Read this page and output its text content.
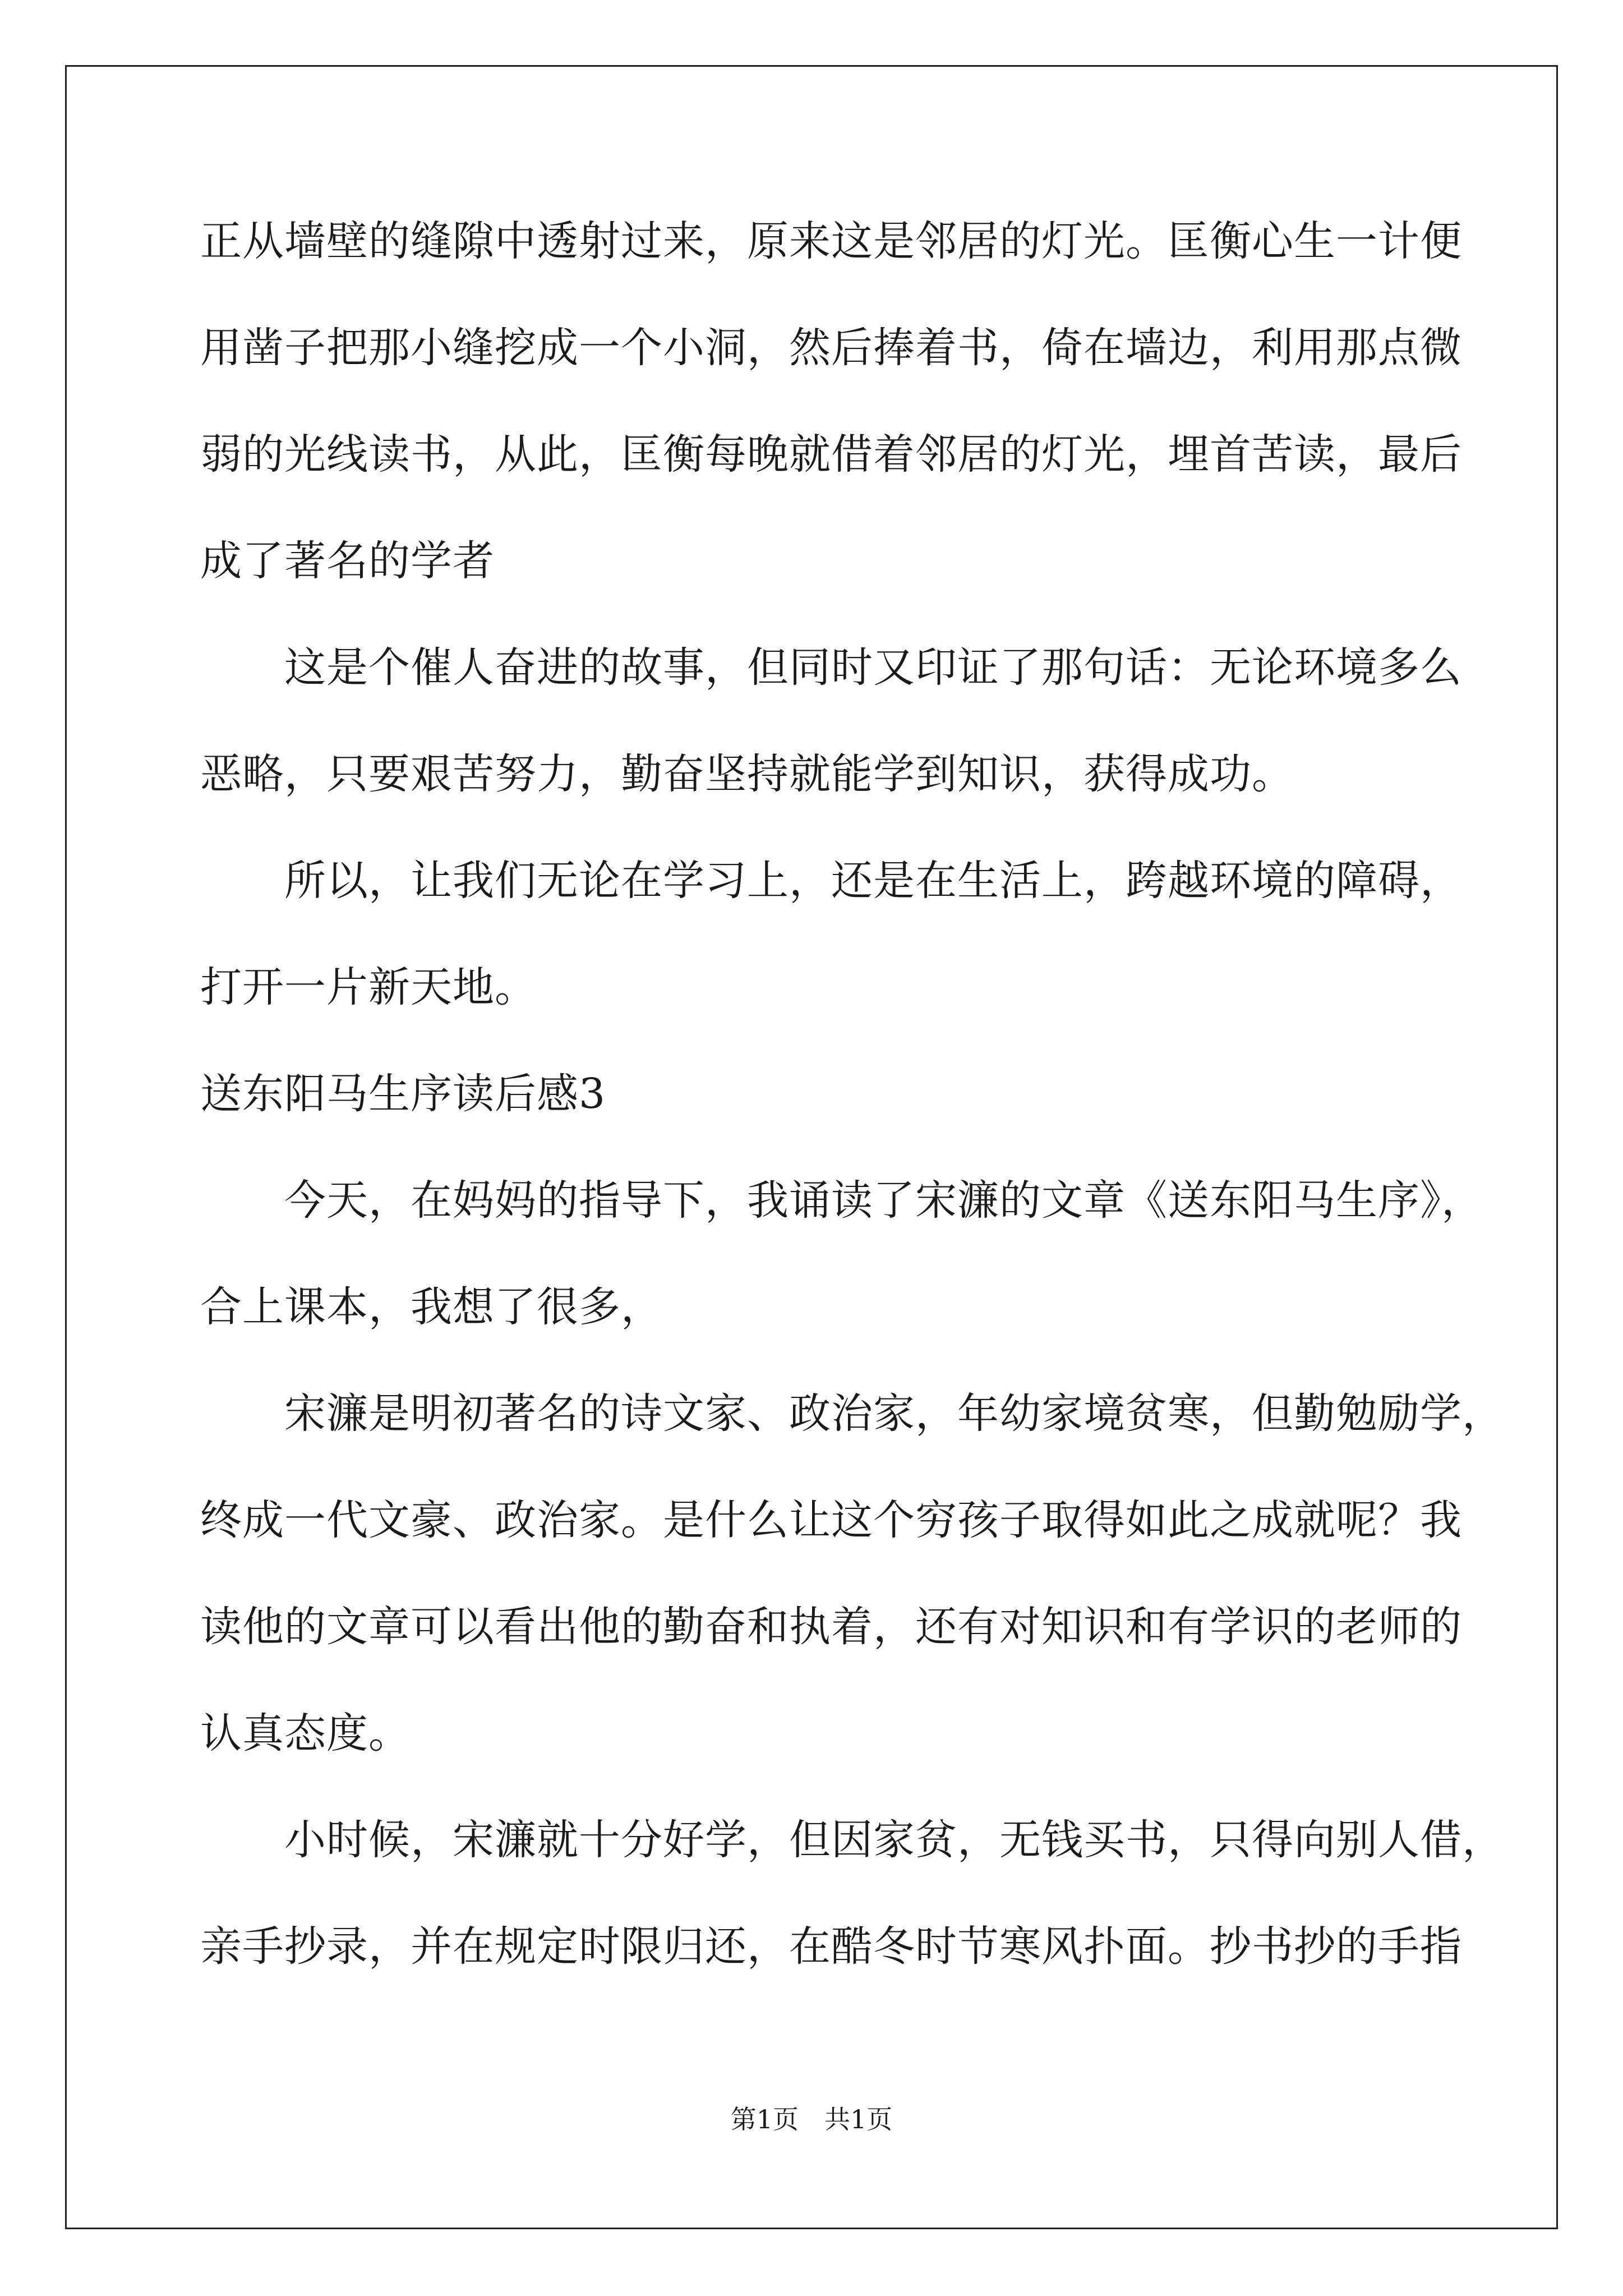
正从墙壁的缝隙中透射过来，原来这是邻居的灯光。匡衡心生一计便
用凿子把那小缝挖成一个小洞，然后捧着书，倚在墙边，利用那点微
弱的光线读书，从此，匡衡每晚就借着邻居的灯光，埋首苦读，最后
成了著名的学者
　　这是个催人奋进的故事，但同时又印证了那句话：无论环境多么
恶略，只要艰苦努力，勤奋坚持就能学到知识，获得成功。
　　所以，让我们无论在学习上，还是在生活上，跨越环境的障碍，
打开一片新天地。
送东阳马生序读后感3
　　今天，在妈妈的指导下，我诵读了宋濂的文章《送东阳马生序》，
合上课本，我想了很多，
　　宋濂是明初著名的诗文家、政治家，年幼家境贫寒，但勤勉励学，
终成一代文豪、政治家。是什么让这个穷孩子取得如此之成就呢？我
读他的文章可以看出他的勤奋和执着，还有对知识和有学识的老师的
认真态度。
　　小时候，宋濂就十分好学，但因家贫，无钱买书，只得向别人借，
亲手抄录，并在规定时限归还，在酷冬时节寒风扑面。抄书抄的手指
第1页　共1页
